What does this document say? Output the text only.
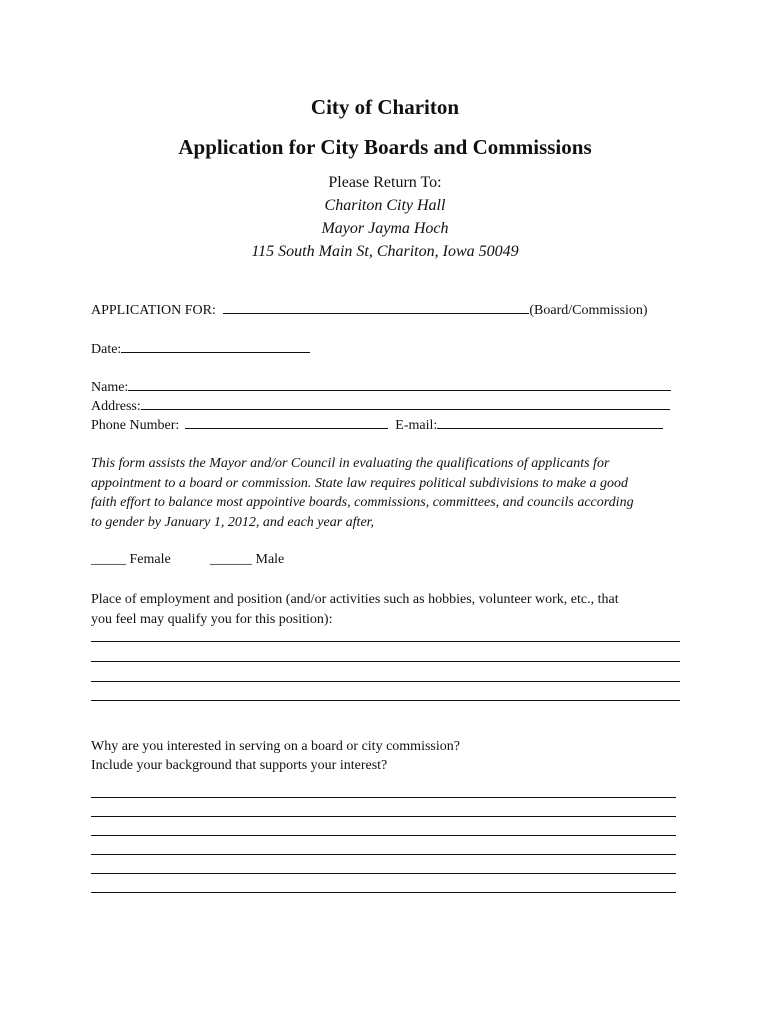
City of Chariton
Application for City Boards and Commissions
Please Return To:
Chariton City Hall
Mayor Jayma Hoch
115 South Main St, Chariton, Iowa 50049
APPLICATION FOR:	(Board/Commission)
Date:
Name:
Address:
Phone Number:	E-mail:
This form assists the Mayor and/or Council in evaluating the qualifications of applicants for
appointment to a board or commission. State law requires political subdivisions to make a good
faith effort to balance most appointive boards, commissions, committees, and councils according
to gender by January 1, 2012, and each year after,
_____ Female	______ Male
Place of employment and position (and/or activities such as hobbies, volunteer work, etc., that
you feel may qualify you for this position):
Why are you interested in serving on a board or city commission?
Include your background that supports your interest?
